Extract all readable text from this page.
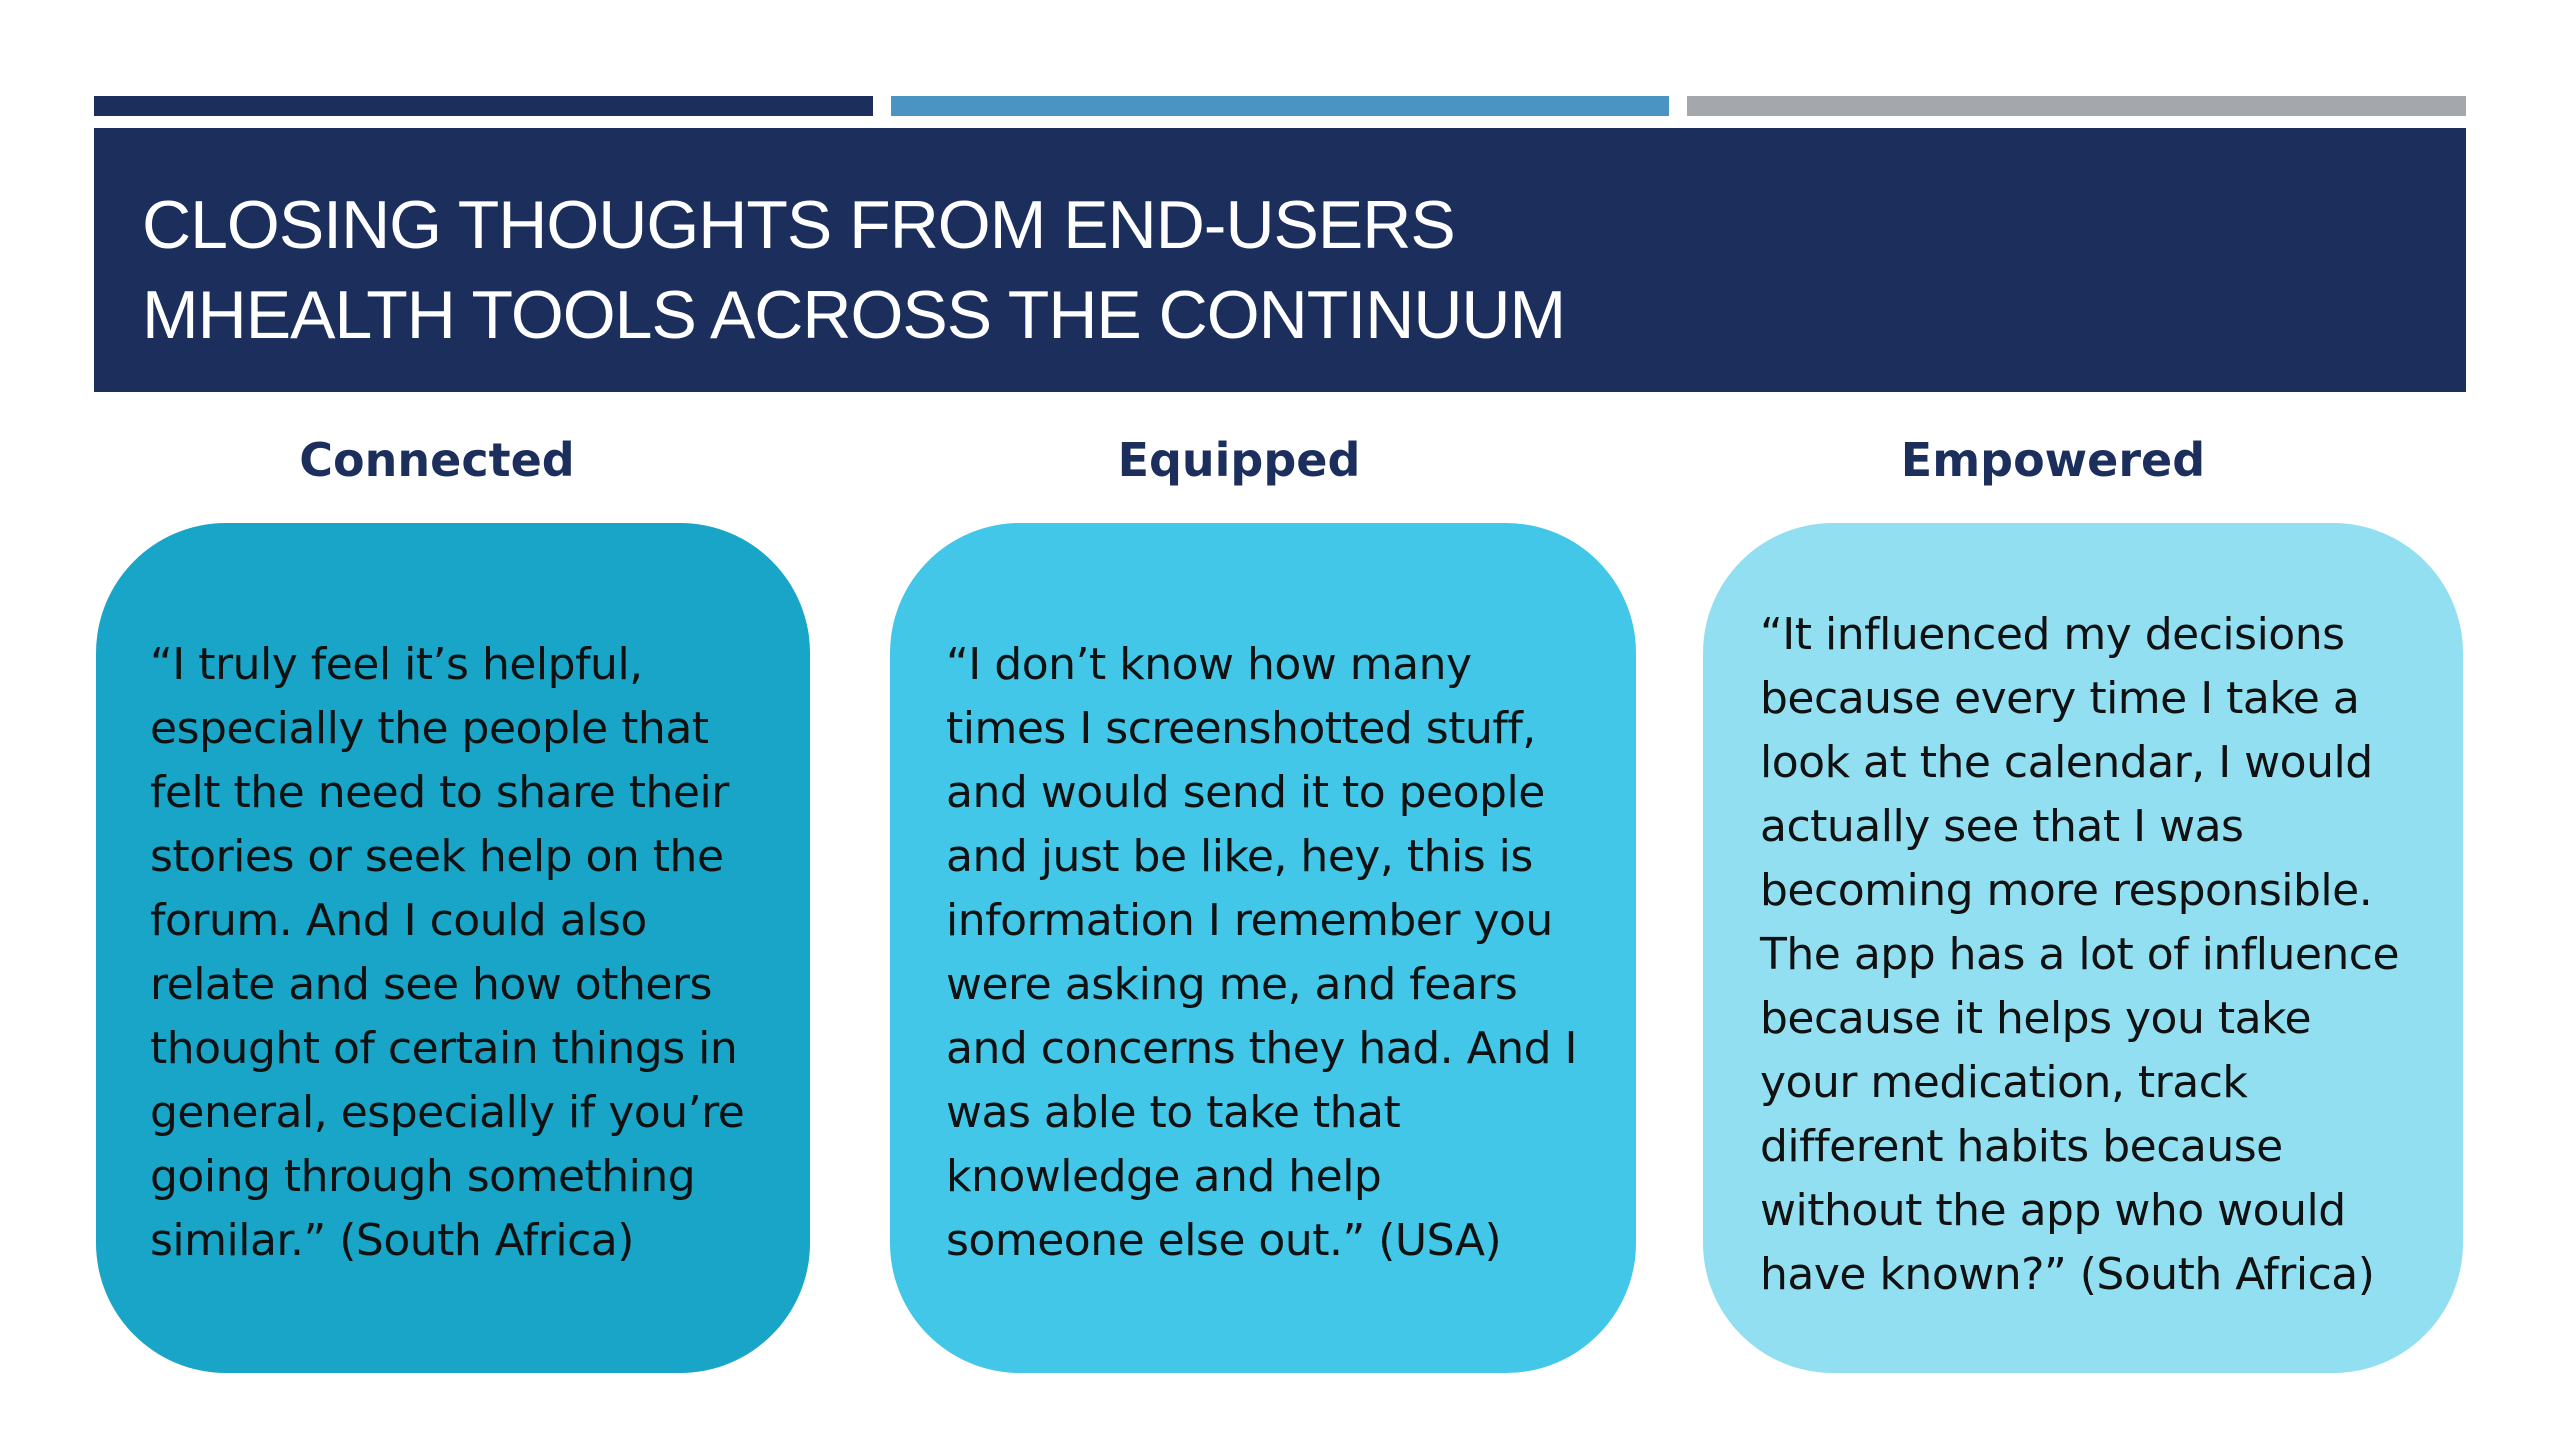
CLOSING THOUGHTS FROM END-USERS
MHEALTH TOOLS ACROSS THE CONTINUUM
Connected	Equipped	Empowered

“I truly feel it’s helpful,
especially the people that
felt the need to share their
stories or seek help on the
forum. And I could also
relate and see how others
thought of certain things in
general, especially if you’re
going through something
similar.” (South Africa)

“I don’t know how many
times I screenshotted stuff,
and would send it to people
and just be like, hey, this is
information I remember you
were asking me, and fears
and concerns they had. And I
was able to take that
knowledge and help
someone else out.” (USA)

“It influenced my decisions
because every time I take a
look at the calendar, I would
actually see that I was
becoming more responsible.
The app has a lot of influence
because it helps you take
your medication, track
different habits because
without the app who would
have known?” (South Africa)
